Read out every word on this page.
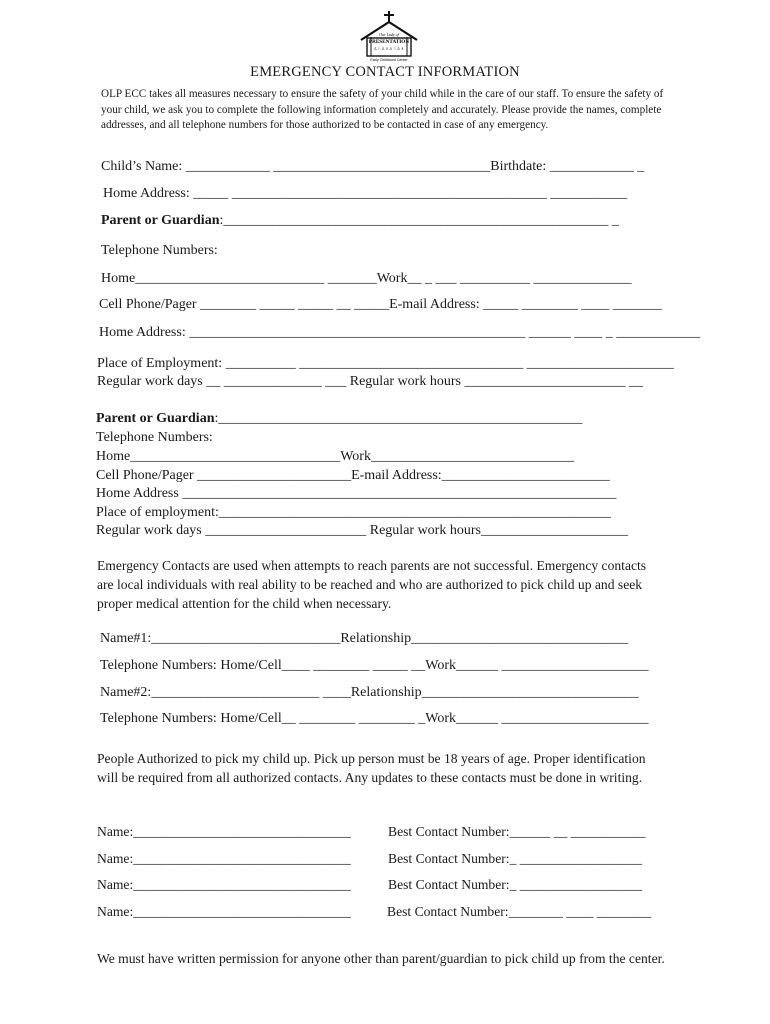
Our Lady of
PRESENTATION
♙♘♙♗♙♘♙♗
Early Childhood Center
EMERGENCY CONTACT INFORMATION
OLP ECC takes all measures necessary to ensure the safety of your child while in the care of our staff. To ensure the safety of your child, we ask you to complete the following information completely and accurately. Please provide the names, complete addresses, and all telephone numbers for those authorized to be contacted in case of any emergency.
Child’s Name: ____________ _______________________________Birthdate: ____________ _
Home Address: _____ _____________________________________________ ___________
Parent or Guardian:_______________________________________________________ _
Telephone Numbers:
Home___________________________ _______Work__ _ ___ __________ ______________
Cell Phone/Pager ________ _____ _____ __ _____E-mail Address: _____ ________ ____ _______
Home Address: ________________________________________________ ______ ____ _ ____________
Place of Employment: __________ ________________________________ _____________________
Regular work days __ ______________ ___ Regular work hours _______________________ __
Parent or Guardian:____________________________________________________
Telephone Numbers:
Home______________________________Work_____________________________
Cell Phone/Pager ______________________E-mail Address:________________________
Home Address ______________________________________________________________
Place of employment:________________________________________________________
Regular work days _______________________ Regular work hours_____________________
Emergency Contacts are used when attempts to reach parents are not successful. Emergency contacts are local individuals with real ability to be reached and who are authorized to pick child up and seek proper medical attention for the child when necessary.
Name#1:___________________________Relationship_______________________________
Telephone Numbers: Home/Cell____ ________ _____ __Work______ _____________________
Name#2:________________________ ____Relationship_______________________________
Telephone Numbers: Home/Cell__ ________ ________ _Work______ _____________________
People Authorized to pick my child up. Pick up person must be 18 years of age. Proper identification will be required from all authorized contacts. Any updates to these contacts must be done in writing.
Name:________________________________	Best Contact Number:______ __ ___________
Name:________________________________	Best Contact Number:_ __________________
Name:________________________________	Best Contact Number:_ __________________
Name:________________________________	Best Contact Number:________ ____ ________
We must have written permission for anyone other than parent/guardian to pick child up from the center.
